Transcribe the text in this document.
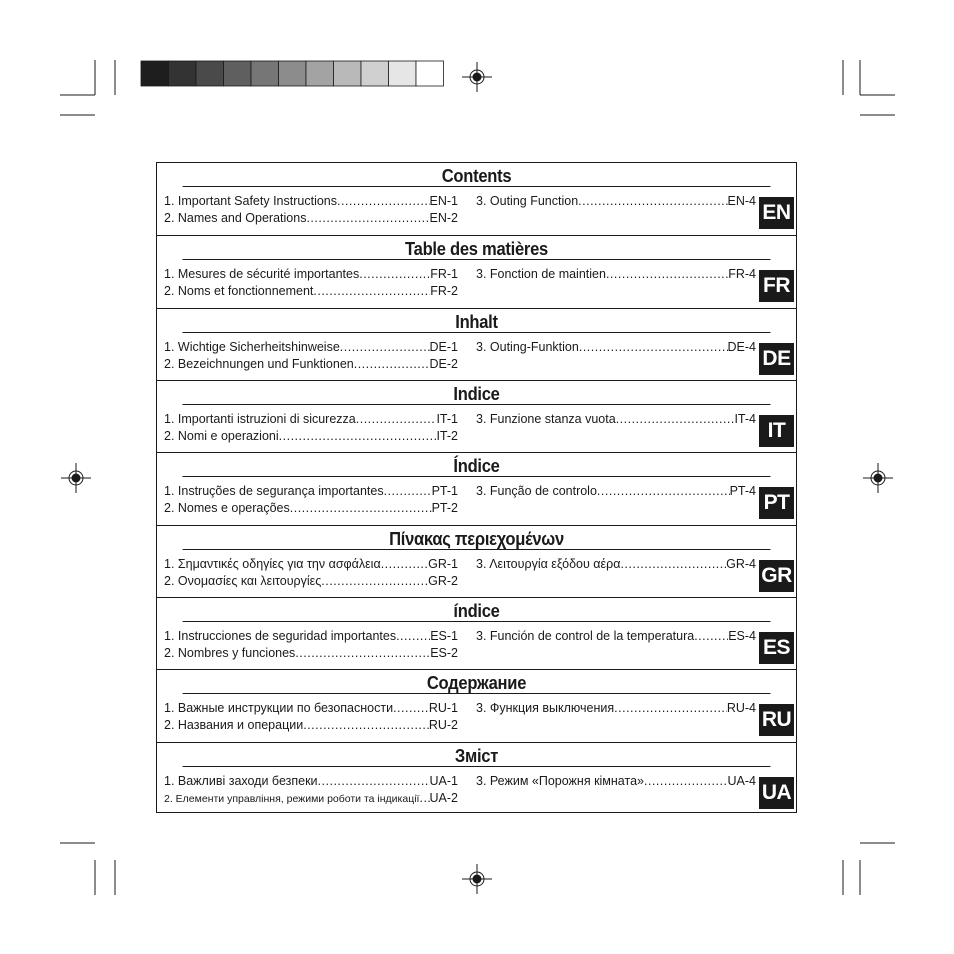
Contents
1. Important Safety Instructions .....	EN-1
2. Names and Operations .....	EN-2
3. Outing Function .....	EN-4 EN
Table des matières
1. Mesures de sécurité importantes .....	FR-1
2. Noms et fonctionnement .....	FR-2
3. Fonction de maintien .....	FR-4 FR
Inhalt
1. Wichtige Sicherheitshinweise .....	DE-1
2. Bezeichnungen und Funktionen .....	DE-2
3. Outing-Funktion .....	DE-4 DE
Indice
1. Importanti istruzioni di sicurezza .....	IT-1
2. Nomi e operazioni .....	IT-2
3. Funzione stanza vuota .....	IT-4 IT
Índice
1. Instruções de segurança importantes .....	PT-1
2. Nomes e operações .....	PT-2
3. Função de controlo .....	PT-4 PT
Πίνακας περιεχομένων
1. Σημαντικές οδηγίες για την ασφάλεια .....	GR-1
2. Ονομασίες και λειτουργίες .....	GR-2
3. Λειτουργία εξόδου αέρα .....	GR-4 GR
índice
1. Instrucciones de seguridad importantes .....	ES-1
2. Nombres y funciones .....	ES-2
3. Función de control de la temperatura .....	ES-4 ES
Содержание
1. Важные инструкции по безопасности .....	RU-1
2. Названия и операции .....	RU-2
3. Функция выключения .....	RU-4 RU
Зміст
1. Важливі заходи безпеки .....	UA-1
2. Елементи управління, режими роботи та індикації ..... UA-2
3. Режим «Порожня кімната» .....	UA-4 UA
